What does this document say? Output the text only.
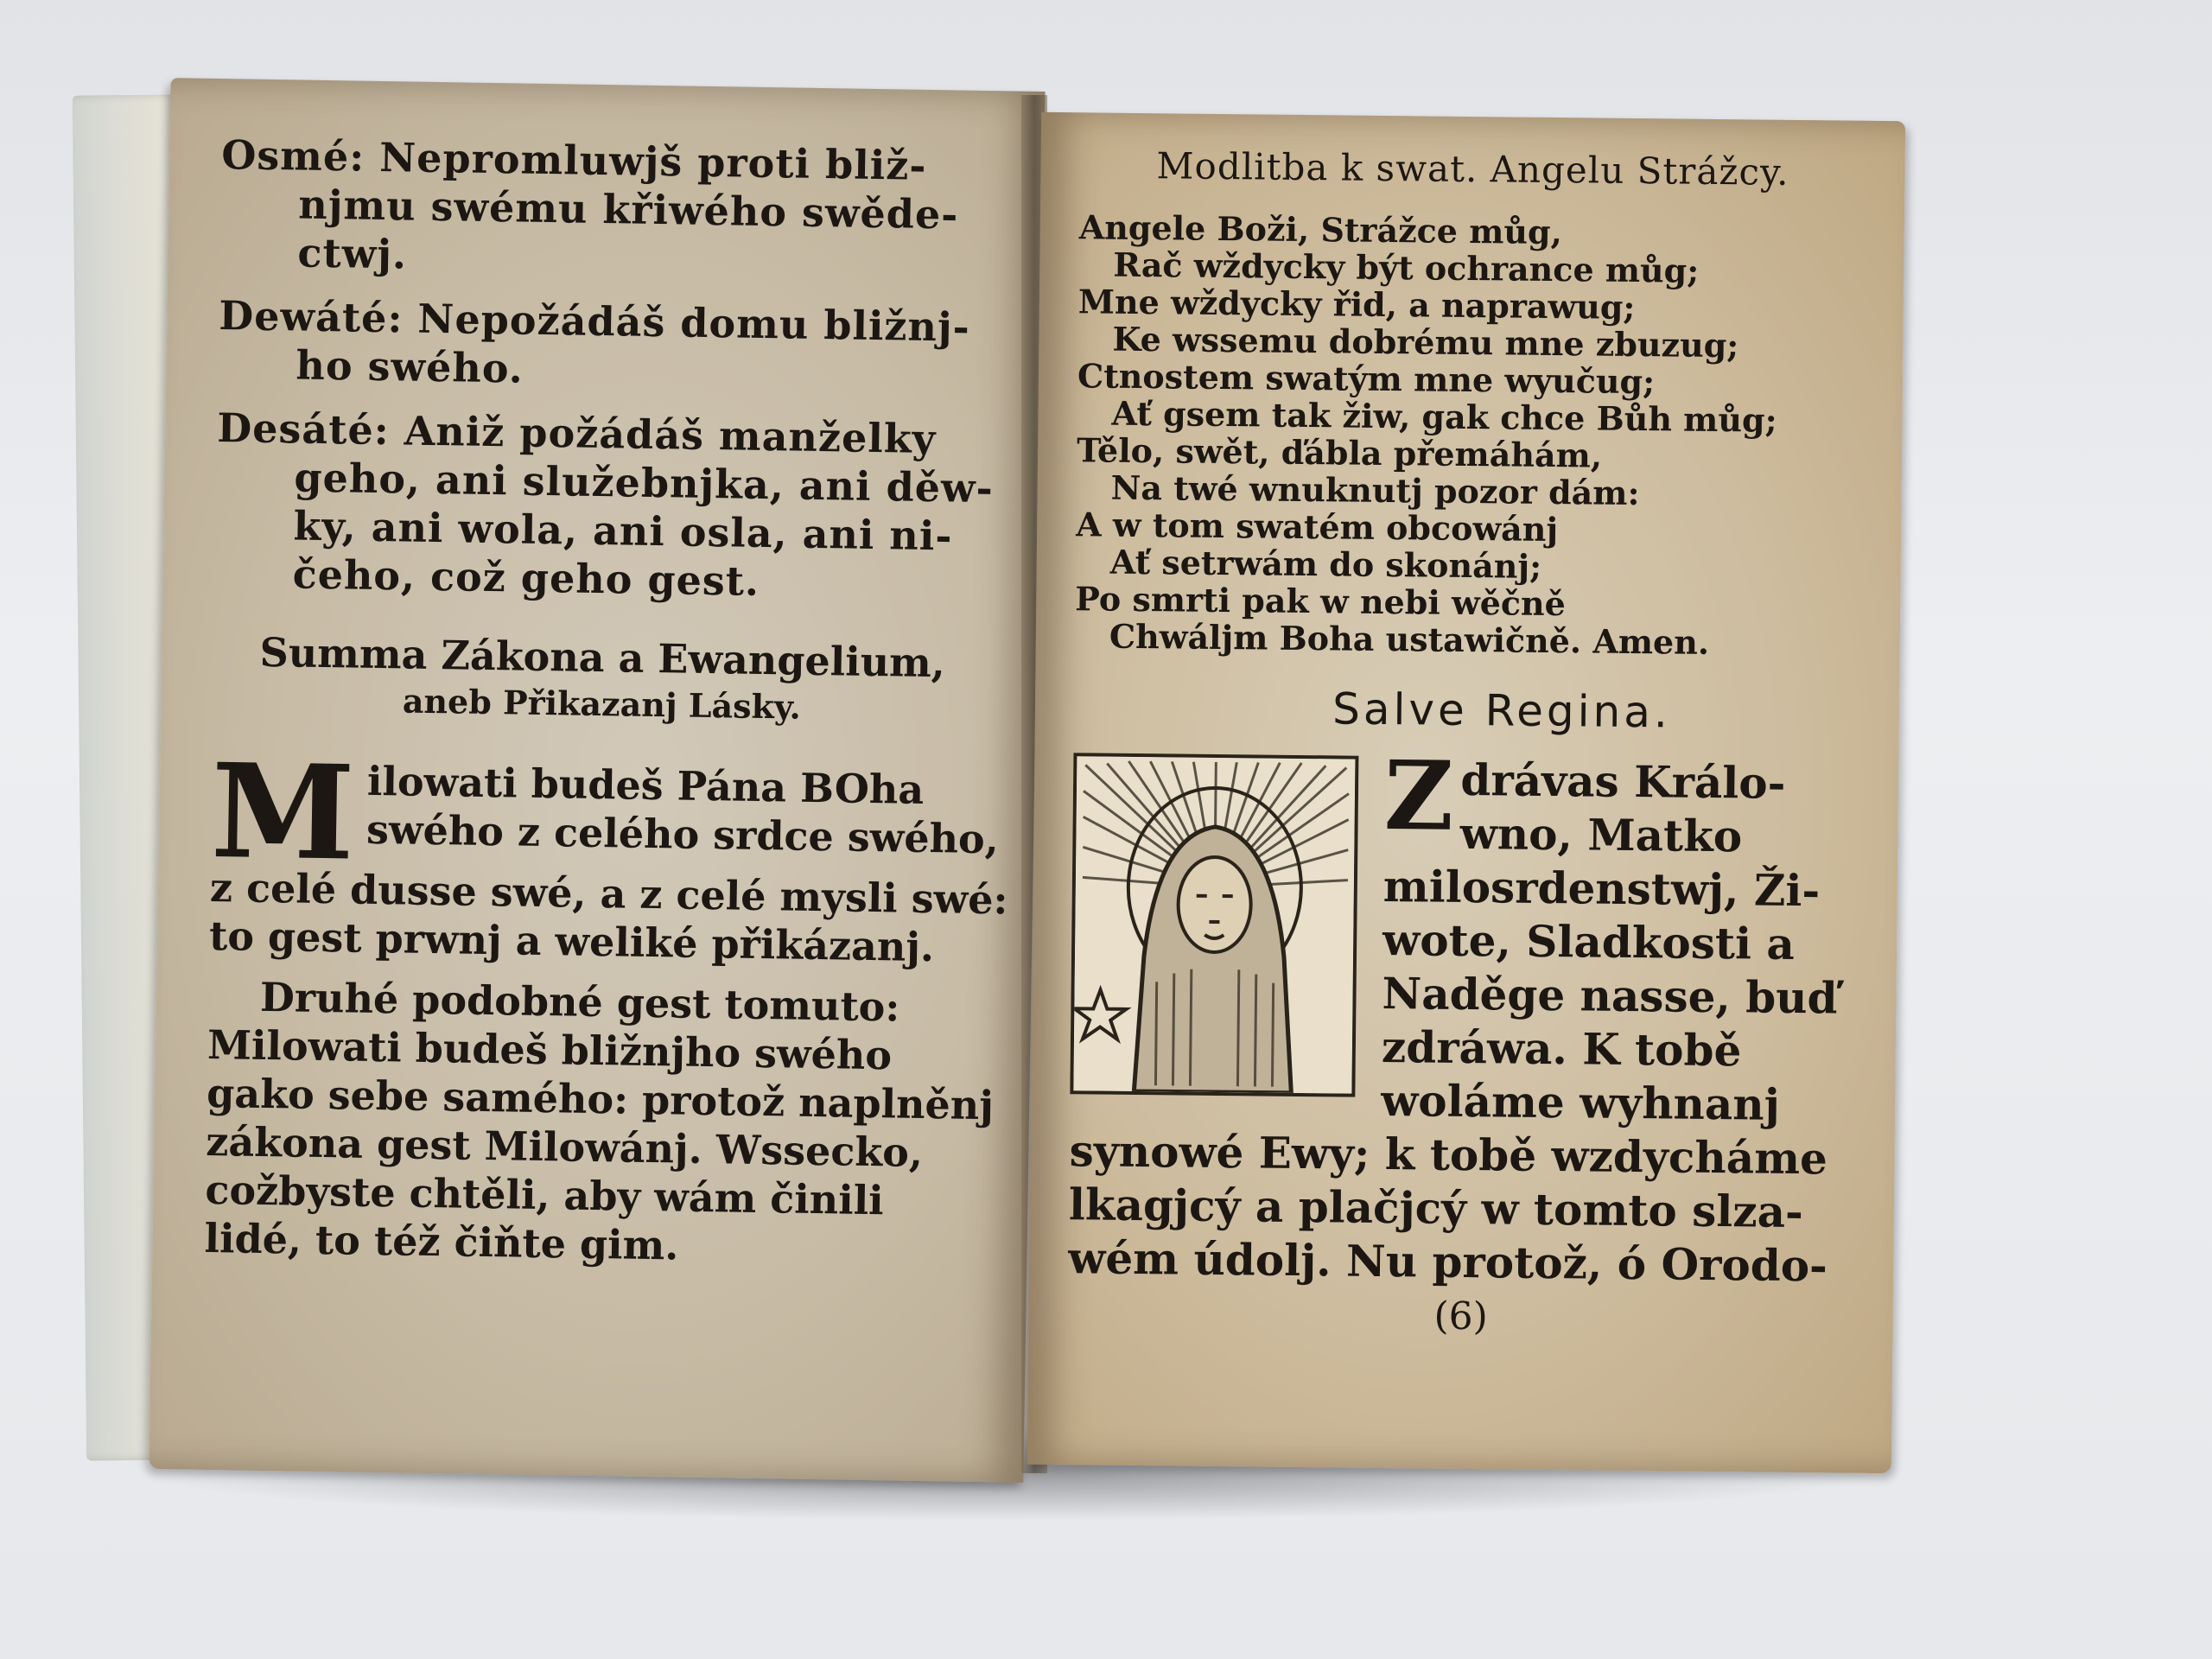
Osmé: Nepromluwjš proti bliž-
njmu swému křiwého swěde-
ctwj.
Dewáté: Nepožádáš domu bližnj-
ho swého.
Desáté: Aniž požádáš manželky
geho, ani služebnjka, ani děw-
ky, ani wola, ani osla, ani ni-
čeho, což geho gest.
Summa Zákona a Ewangelium,
aneb Přikazanj Lásky.
M ilowati budeš Pána BOha
swého z celého srdce swého,
z celé dusse swé, a z celé mysli swé:
to gest prwnj a weliké přikázanj.
Druhé podobné gest tomuto:
Milowati budeš bližnjho swého
gako sebe samého: protož naplněnj
zákona gest Milowánj. Wssecko,
cožbyste chtěli, aby wám činili
lidé, to též čiňte gim.
Modlitba k swat. Angelu Strážcy.
Angele Boži, Strážce můg,
Rač wždycky být ochrance můg;
Mne wždycky řid, a naprawug;
Ke wssemu dobrému mne zbuzug;
Ctnostem swatým mne wyučug;
Ať gsem tak žiw, gak chce Bůh můg;
Tělo, swět, ďábla přemáhám,
Na twé wnuknutj pozor dám:
A w tom swatém obcowánj
Ať setrwám do skonánj;
Po smrti pak w nebi wěčně
Chwáljm Boha ustawičně. Amen.
Salve Regina.
Z drávas Králo-
wno, Matko
milosrdenstwj, Ži-
wote, Sladkosti a
Naděge nasse, buď
zdráwa. K tobě
woláme wyhnanj
synowé Ewy; k tobě wzdycháme
lkagjcý a plačjcý w tomto slza-
wém údolj. Nu protož, ó Orodo-
(6)
